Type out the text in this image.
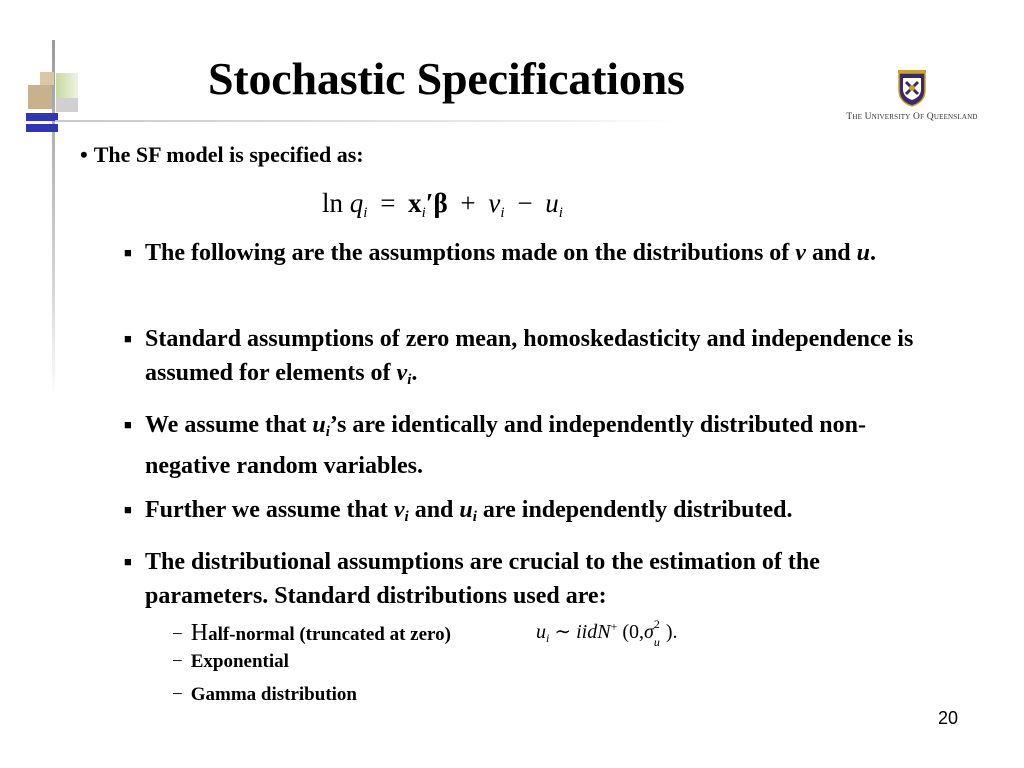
Stochastic Specifications
The University Of Queensland
• The SF model is specified as:
$\ln q_i = x_i'\beta + v_i - u_i$
■ The following are the assumptions made on the distributions of v and u.
■ Standard assumptions of zero mean, homoskedasticity and independence is assumed for elements of $v_i$.
■ We assume that $u_i’s$ are identically and independently distributed non-negative random variables.
■ Further we assume that $v_i$ and $u_i$ are independently distributed.
■ The distributional assumptions are crucial to the estimation of the parameters. Standard distributions used are:
− Half-normal (truncated at zero)	$u_i$ ∼ iidN+ (0,σ 2
u ).
− Exponential
− Gamma distribution
20
